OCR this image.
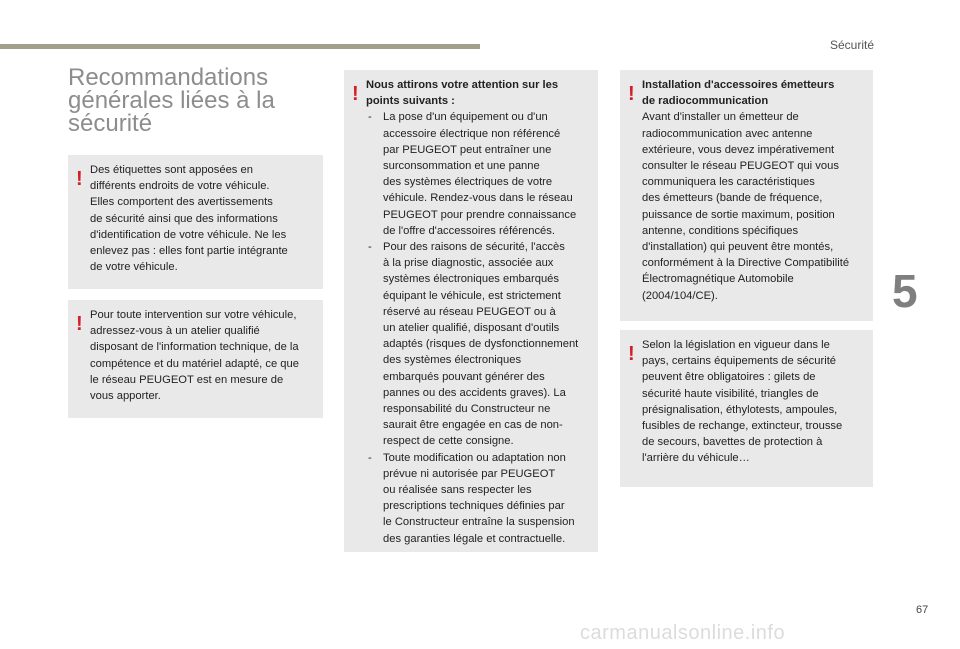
Sécurité
Recommandations
générales liées à la
sécurité
! Des étiquettes sont apposées en
différents endroits de votre véhicule.
Elles comportent des avertissements
de sécurité ainsi que des informations
d'identification de votre véhicule. Ne les
enlevez pas : elles font partie intégrante
de votre véhicule.

! Pour toute intervention sur votre véhicule,
adressez-vous à un atelier qualifié
disposant de l'information technique, de la
compétence et du matériel adapté, ce que
le réseau PEUGEOT est en mesure de
vous apporter.

! Nous attirons votre attention sur les
points suivants :

- La pose d'un équipement ou d'un
accessoire électrique non référencé
par PEUGEOT peut entraîner une
surconsommation et une panne
des systèmes électriques de votre
véhicule. Rendez-vous dans le réseau
PEUGEOT pour prendre connaissance
de l'offre d'accessoires référencés.
- Pour des raisons de sécurité, l'accès
à la prise diagnostic, associée aux
systèmes électroniques embarqués
équipant le véhicule, est strictement
réservé au réseau PEUGEOT ou à
un atelier qualifié, disposant d'outils
adaptés (risques de dysfonctionnement
des systèmes électroniques
embarqués pouvant générer des
pannes ou des accidents graves). La
responsabilité du Constructeur ne
saurait être engagée en cas de non-
respect de cette consigne.
- Toute modification ou adaptation non
prévue ni autorisée par PEUGEOT
ou réalisée sans respecter les
prescriptions techniques définies par
le Constructeur entraîne la suspension
des garanties légale et contractuelle.
! Installation d'accessoires émetteurs
de radiocommunication

Avant d'installer un émetteur de
radiocommunication avec antenne
extérieure, vous devez impérativement
consulter le réseau PEUGEOT qui vous
communiquera les caractéristiques
des émetteurs (bande de fréquence,
puissance de sortie maximum, position
antenne, conditions spécifiques
d'installation) qui peuvent être montés,
conformément à la Directive Compatibilité
Électromagnétique Automobile
(2004/104/CE).

! Selon la législation en vigueur dans le
pays, certains équipements de sécurité
peuvent être obligatoires : gilets de
sécurité haute visibilité, triangles de
présignalisation, éthylotests, ampoules,
fusibles de rechange, extincteur, trousse
de secours, bavettes de protection à
l'arrière du véhicule…

5
67
carmanualsonline.info
